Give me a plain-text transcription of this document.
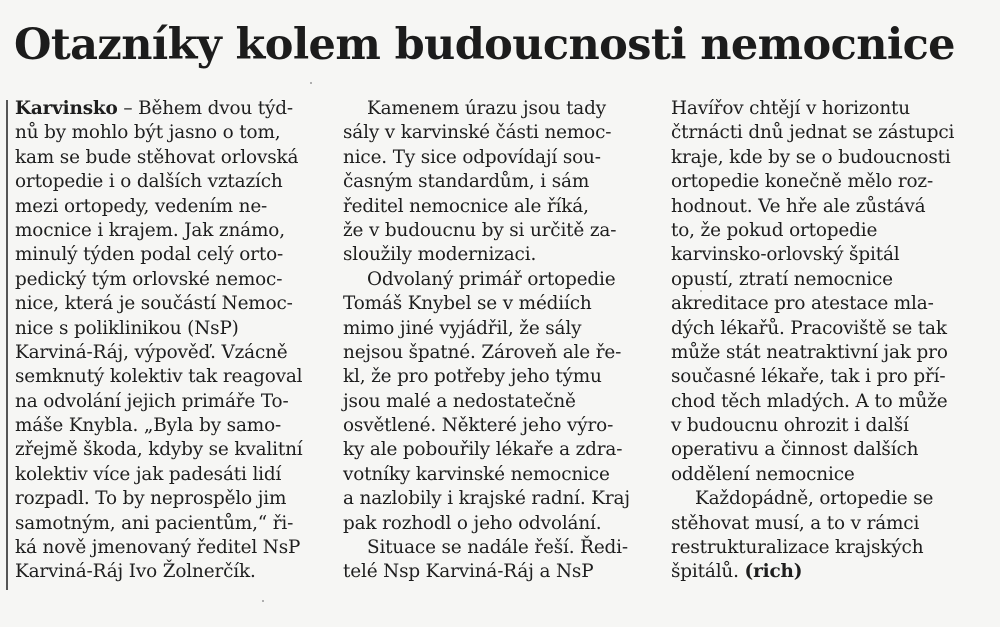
Otazníky kolem budoucnosti nemocnice
Karvinsko – Během dvou týd-
nů by mohlo být jasno o tom,
kam se bude stěhovat orlovská
ortopedie i o dalších vztazích
mezi ortopedy, vedením ne-
mocnice i krajem. Jak známo,
minulý týden podal celý orto-
pedický tým orlovské nemoc-
nice, která je součástí Nemoc-
nice s poliklinikou (NsP)
Karviná-Ráj, výpověď. Vzácně
semknutý kolektiv tak reagoval
na odvolání jejich primáře To-
máše Knybla. „Byla by samo-
zřejmě škoda, kdyby se kvalitní
kolektiv více jak padesáti lidí
rozpadl. To by neprospělo jim
samotným, ani pacientům,“ ři-
ká nově jmenovaný ředitel NsP
Karviná-Ráj Ivo Žolnerčík.
Kamenem úrazu jsou tady
sály v karvinské části nemoc-
nice. Ty sice odpovídají sou-
časným standardům, i sám
ředitel nemocnice ale říká,
že v budoucnu by si určitě za-
sloužily modernizaci.
Odvolaný primář ortopedie
Tomáš Knybel se v médiích
mimo jiné vyjádřil, že sály
nejsou špatné. Zároveň ale ře-
kl, že pro potřeby jeho týmu
jsou malé a nedostatečně
osvětlené. Některé jeho výro-
ky ale pobouřily lékaře a zdra-
votníky karvinské nemocnice
a nazlobily i krajské radní. Kraj
pak rozhodl o jeho odvolání.
Situace se nadále řeší. Ředi-
telé Nsp Karviná-Ráj a NsP
Havířov chtějí v horizontu
čtrnácti dnů jednat se zástupci
kraje, kde by se o budoucnosti
ortopedie konečně mělo roz-
hodnout. Ve hře ale zůstává
to, že pokud ortopedie
karvinsko-orlovský špitál
opustí, ztratí nemocnice
akreditace pro atestace mla-
dých lékařů. Pracoviště se tak
může stát neatraktivní jak pro
současné lékaře, tak i pro pří-
chod těch mladých. A to může
v budoucnu ohrozit i další
operativu a činnost dalších
oddělení nemocnice
Každopádně, ortopedie se
stěhovat musí, a to v rámci
restrukturalizace krajských
špitálů. (rich)
